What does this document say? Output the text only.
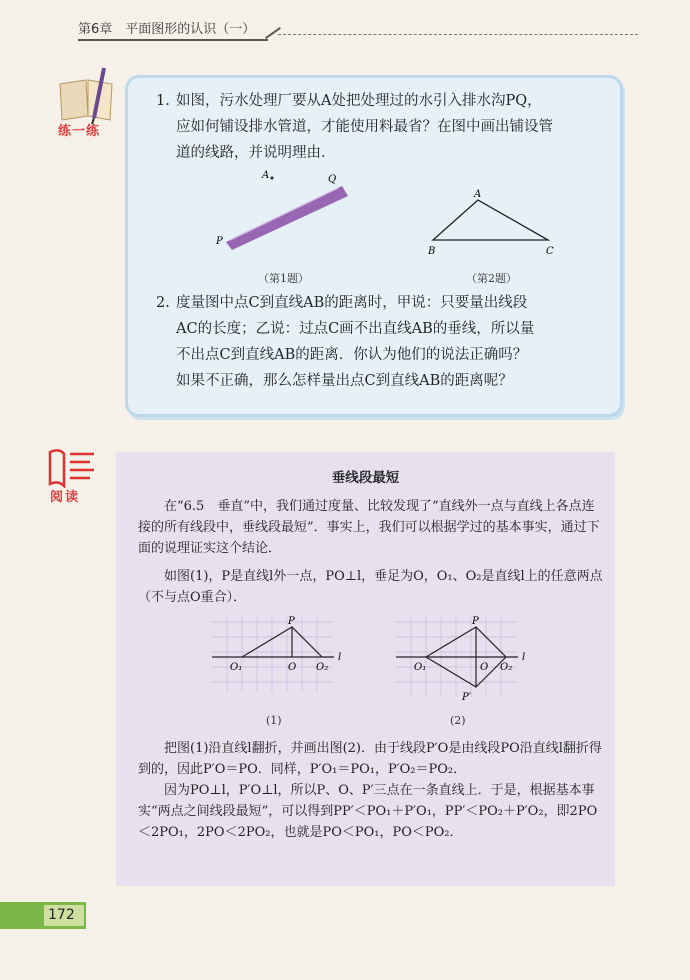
第6章　平面图形的认识（一）
练一练
1. 如图，污水处理厂要从A处把处理过的水引入排水沟PQ，
应如何铺设排水管道，才能使用料最省？在图中画出铺设管
道的线路，并说明理由．
A	Q
P
A
B	C
（第1题）	（第2题）
2. 度量图中点C到直线AB的距离时，甲说：只要量出线段
AC的长度；乙说：过点C画不出直线AB的垂线，所以量
不出点C到直线AB的距离．你认为他们的说法正确吗？
如果不正确，那么怎样量出点C到直线AB的距离呢？
阅读
垂线段最短
在“6.5　垂直”中，我们通过度量、比较发现了“直线外一点与直线上各点连接的所有线段中，垂线段最短”．事实上，我们可以根据学过的基本事实，通过下面的说理证实这个结论．
如图(1)，P是直线l外一点，PO⊥l，垂足为O，O₁、O₂是直线l上的任意两点（不与点O重合）．
P
O₁	O O₂
l
P
O₁	O O₂
l
P′
(1)	(2)
把图(1)沿直线l翻折，并画出图(2)．由于线段P′O是由线段PO沿直线l翻折得到的，因此P′O＝PO．同样，P′O₁＝PO₁，P′O₂＝PO₂．
因为PO⊥l，P′O⊥l，所以P、O、P′三点在一条直线上．于是，根据基本事实“两点之间线段最短”，可以得到PP′＜PO₁＋P′O₁，PP′＜PO₂＋P′O₂，即2PO＜2PO₁，2PO＜2PO₂，也就是PO＜PO₁，PO＜PO₂．
172
